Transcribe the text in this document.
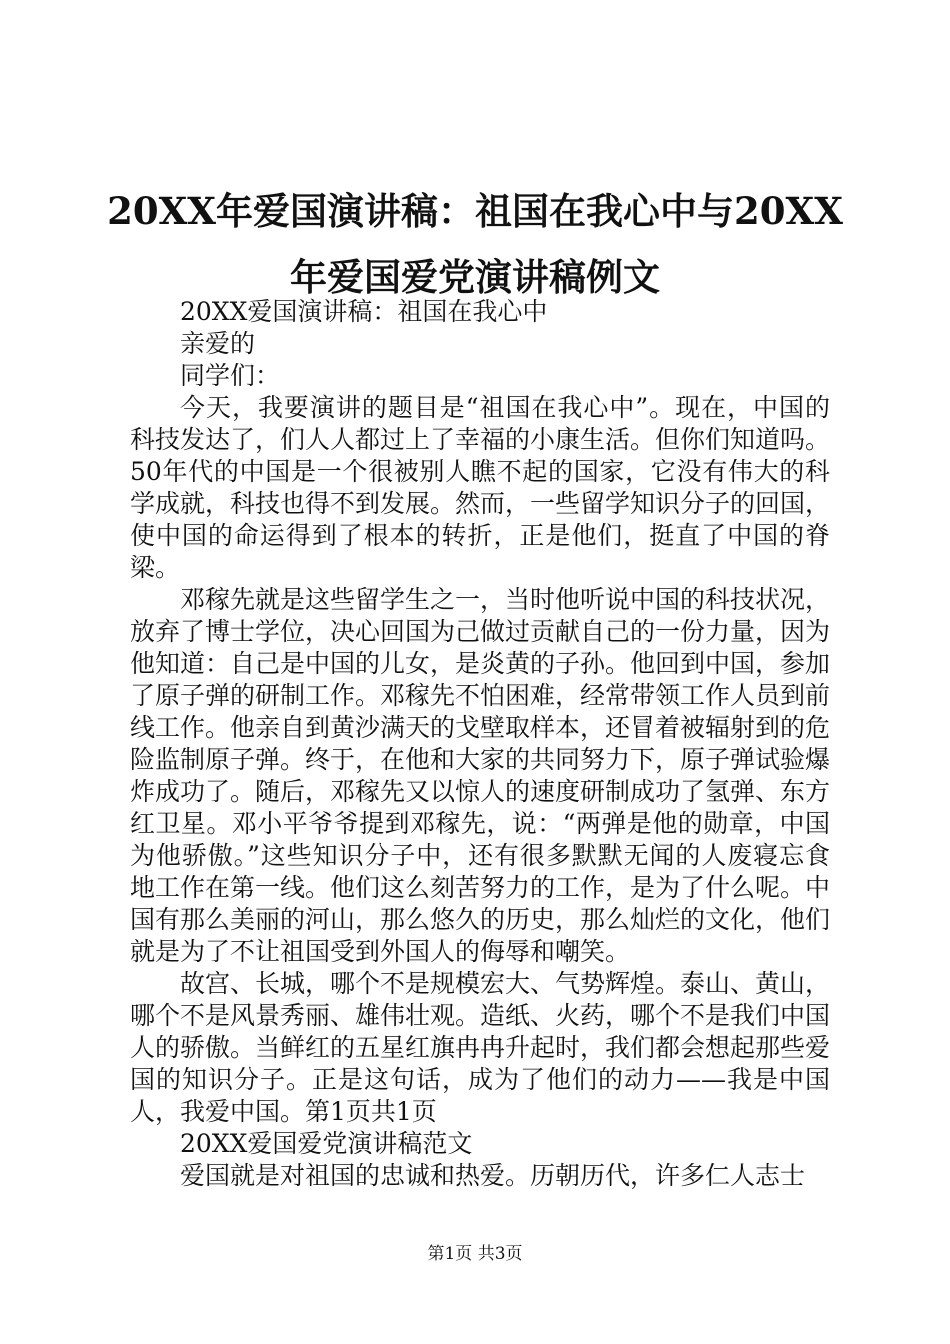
20XX年爱国演讲稿：祖国在我心中与20XX年爱国爱党演讲稿例文

20XX爱国演讲稿：祖国在我心中

亲爱的

同学们：

今天，我要演讲的题目是“祖国在我心中”。现在，中国的科技发达了，们人人都过上了幸福的小康生活。但你们知道吗。50年代的中国是一个很被别人瞧不起的国家，它没有伟大的科学成就，科技也得不到发展。然而，一些留学知识分子的回国，使中国的命运得到了根本的转折，正是他们，挺直了中国的脊梁。

邓稼先就是这些留学生之一，当时他听说中国的科技状况，放弃了博士学位，决心回国为己做过贡献自己的一份力量，因为他知道：自己是中国的儿女，是炎黄的子孙。他回到中国，参加了原子弹的研制工作。邓稼先不怕困难，经常带领工作人员到前线工作。他亲自到黄沙满天的戈壁取样本，还冒着被辐射到的危险监制原子弹。终于，在他和大家的共同努力下，原子弹试验爆炸成功了。随后，邓稼先又以惊人的速度研制成功了氢弹、东方红卫星。邓小平爷爷提到邓稼先，说：“两弹是他的勋章，中国为他骄傲。”这些知识分子中，还有很多默默无闻的人废寝忘食地工作在第一线。他们这么刻苦努力的工作，是为了什么呢。中国有那么美丽的河山，那么悠久的历史，那么灿烂的文化，他们就是为了不让祖国受到外国人的侮辱和嘲笑。

故宫、长城，哪个不是规模宏大、气势辉煌。泰山、黄山，哪个不是风景秀丽、雄伟壮观。造纸、火药，哪个不是我们中国人的骄傲。当鲜红的五星红旗冉冉升起时，我们都会想起那些爱国的知识分子。正是这句话，成为了他们的动力——我是中国人，我爱中国。第1页共1页

20XX爱国爱党演讲稿范文

爱国就是对祖国的忠诚和热爱。历朝历代，许多仁人志士

第1页 共3页
